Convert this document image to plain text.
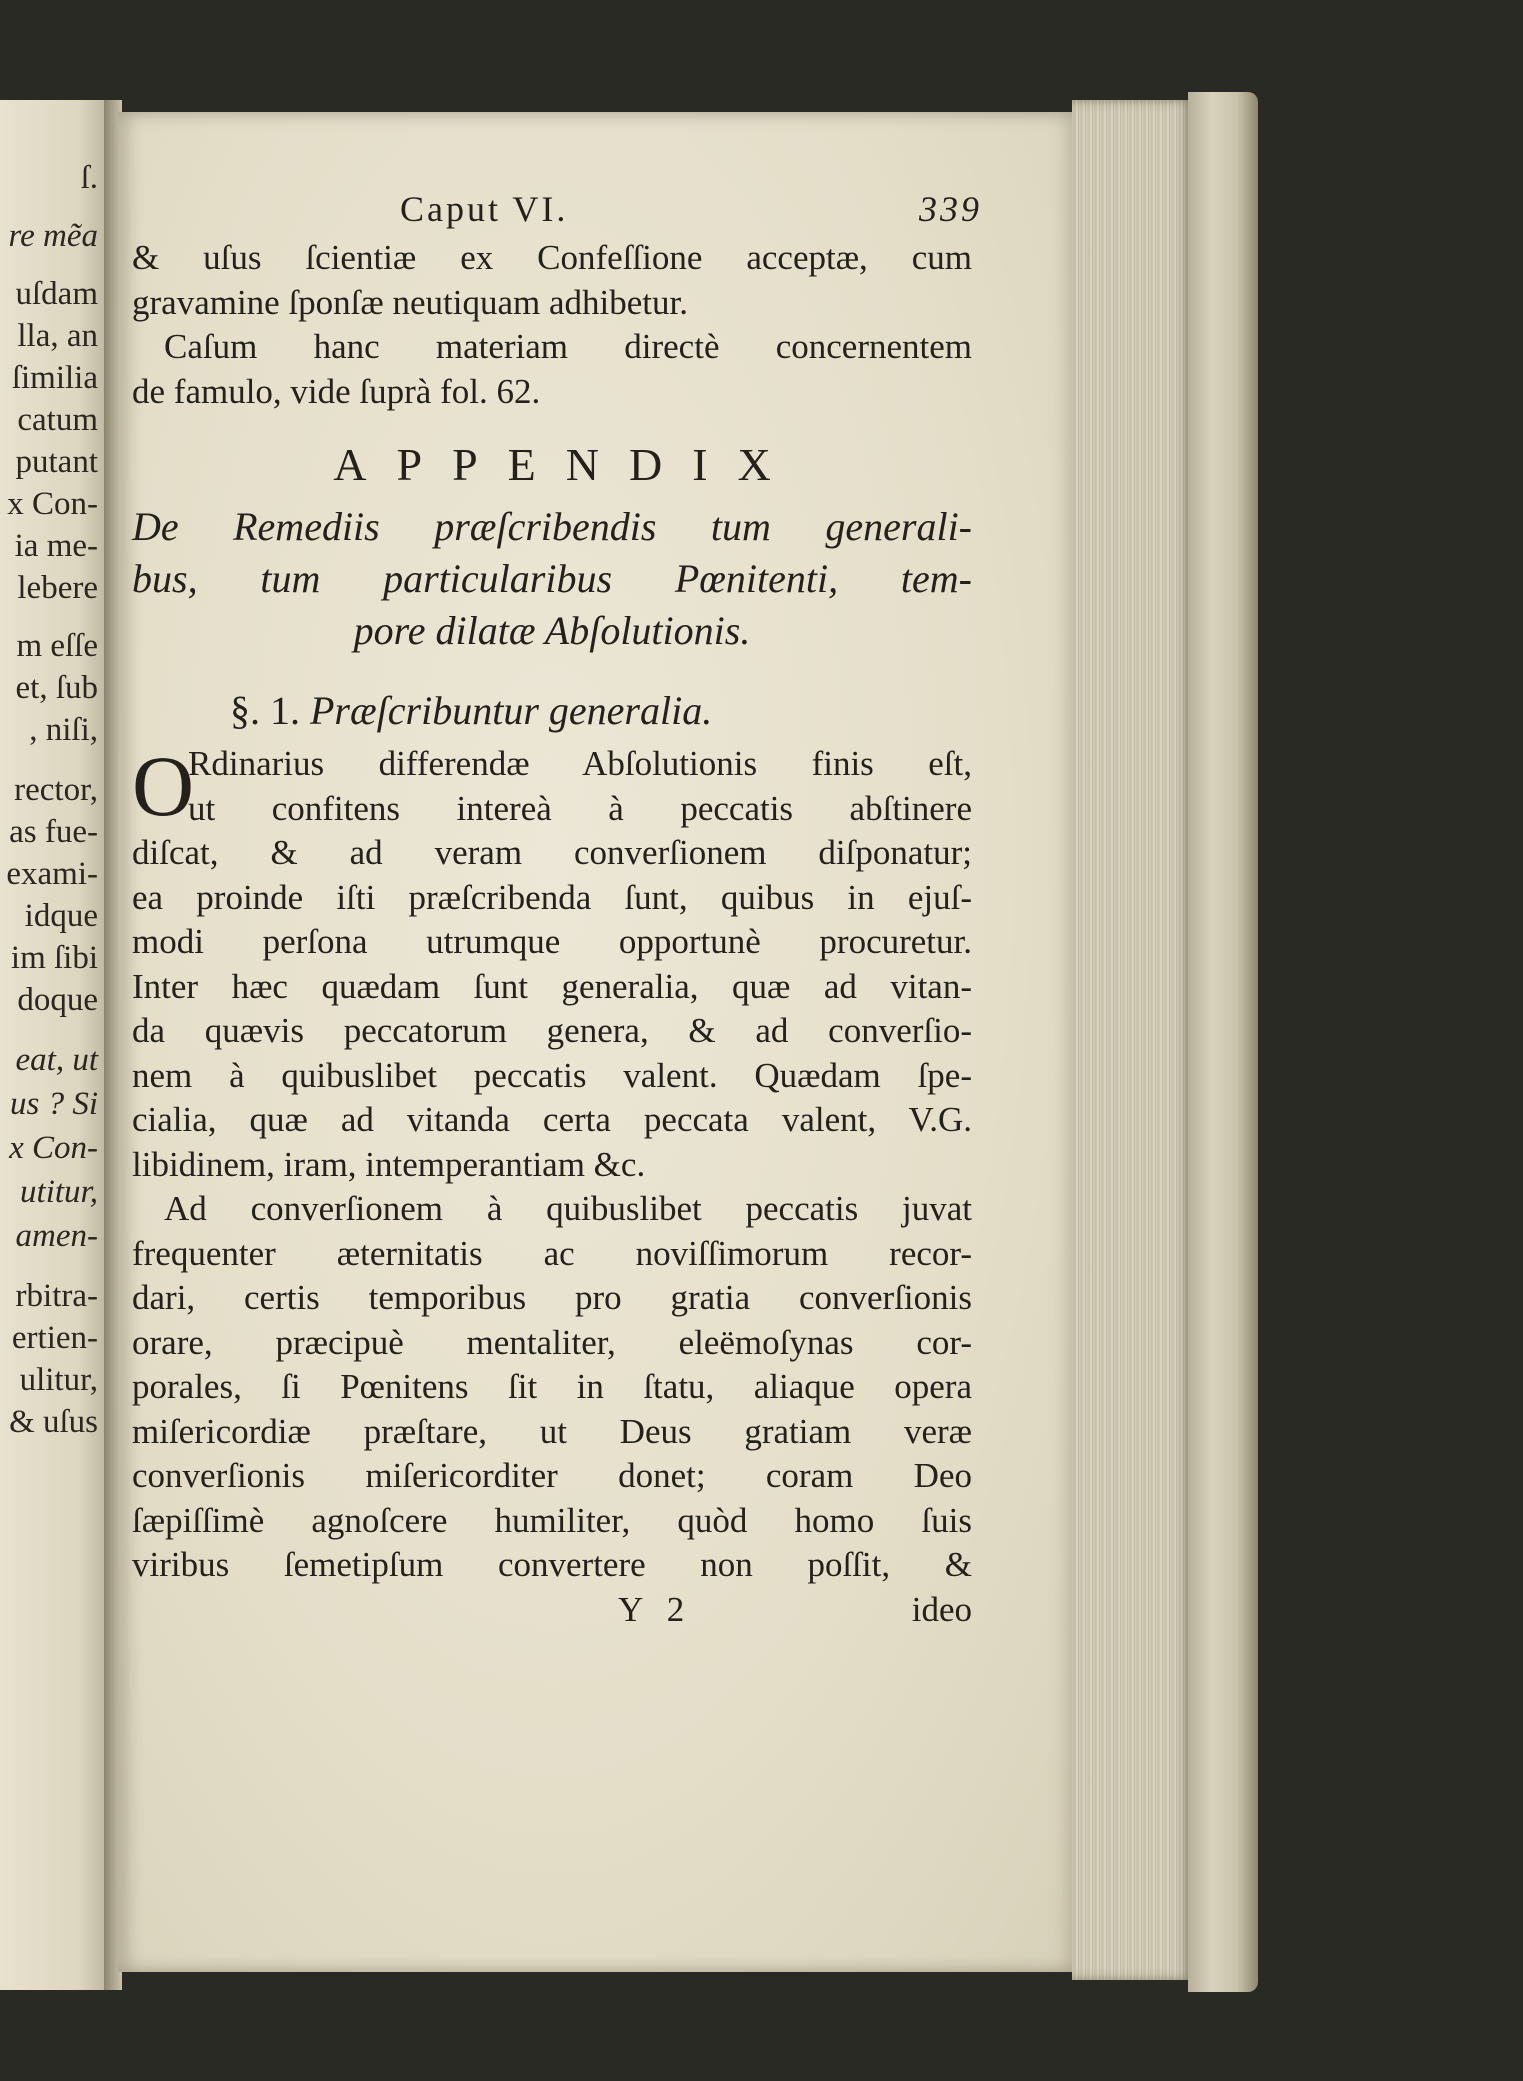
ſ.
re mẽa
uſdam
lla, an
ſimilia
catum
putant
x Con-
ia me-
lebere
m eſſe
et, ſub
, niſi,
rector,
as fue-
exami-
idque
im ſibi
doque
eat, ut
us ? Si
x Con-
utitur,
amen-
rbitra-
ertien-
ulitur,
& uſus
Caput VI.	339
& uſus ſcientiæ ex Confeſſione acceptæ, cum
gravamine ſponſæ neutiquam adhibetur.
Caſum hanc materiam directè concernentem
de famulo, vide ſuprà fol. 62.
APPENDIX
De Remediis præſcribendis tum generali-
bus, tum particularibus Pœnitenti, tem-
pore dilatæ Abſolutionis.
§. 1. Præſcribuntur generalia.
O
Rdinarius differendæ Abſolutionis finis eſt,
ut confitens intereà à peccatis abſtinere
diſcat, & ad veram converſionem diſponatur;
ea proinde iſti præſcribenda ſunt, quibus in ejuſ-
modi perſona utrumque opportunè procuretur.
Inter hæc quædam ſunt generalia, quæ ad vitan-
da quævis peccatorum genera, & ad converſio-
nem à quibuslibet peccatis valent. Quædam ſpe-
cialia, quæ ad vitanda certa peccata valent, V.G.
libidinem, iram, intemperantiam &c.
Ad converſionem à quibuslibet peccatis juvat
frequenter æternitatis ac noviſſimorum recor-
dari, certis temporibus pro gratia converſionis
orare, præcipuè mentaliter, eleëmoſynas cor-
porales, ſi Pœnitens ſit in ſtatu, aliaque opera
miſericordiæ præſtare, ut Deus gratiam veræ
converſionis miſericorditer donet; coram Deo
ſæpiſſimè agnoſcere humiliter, quòd homo ſuis
viribus ſemetipſum convertere non poſſit, &
Y 2	ideo
